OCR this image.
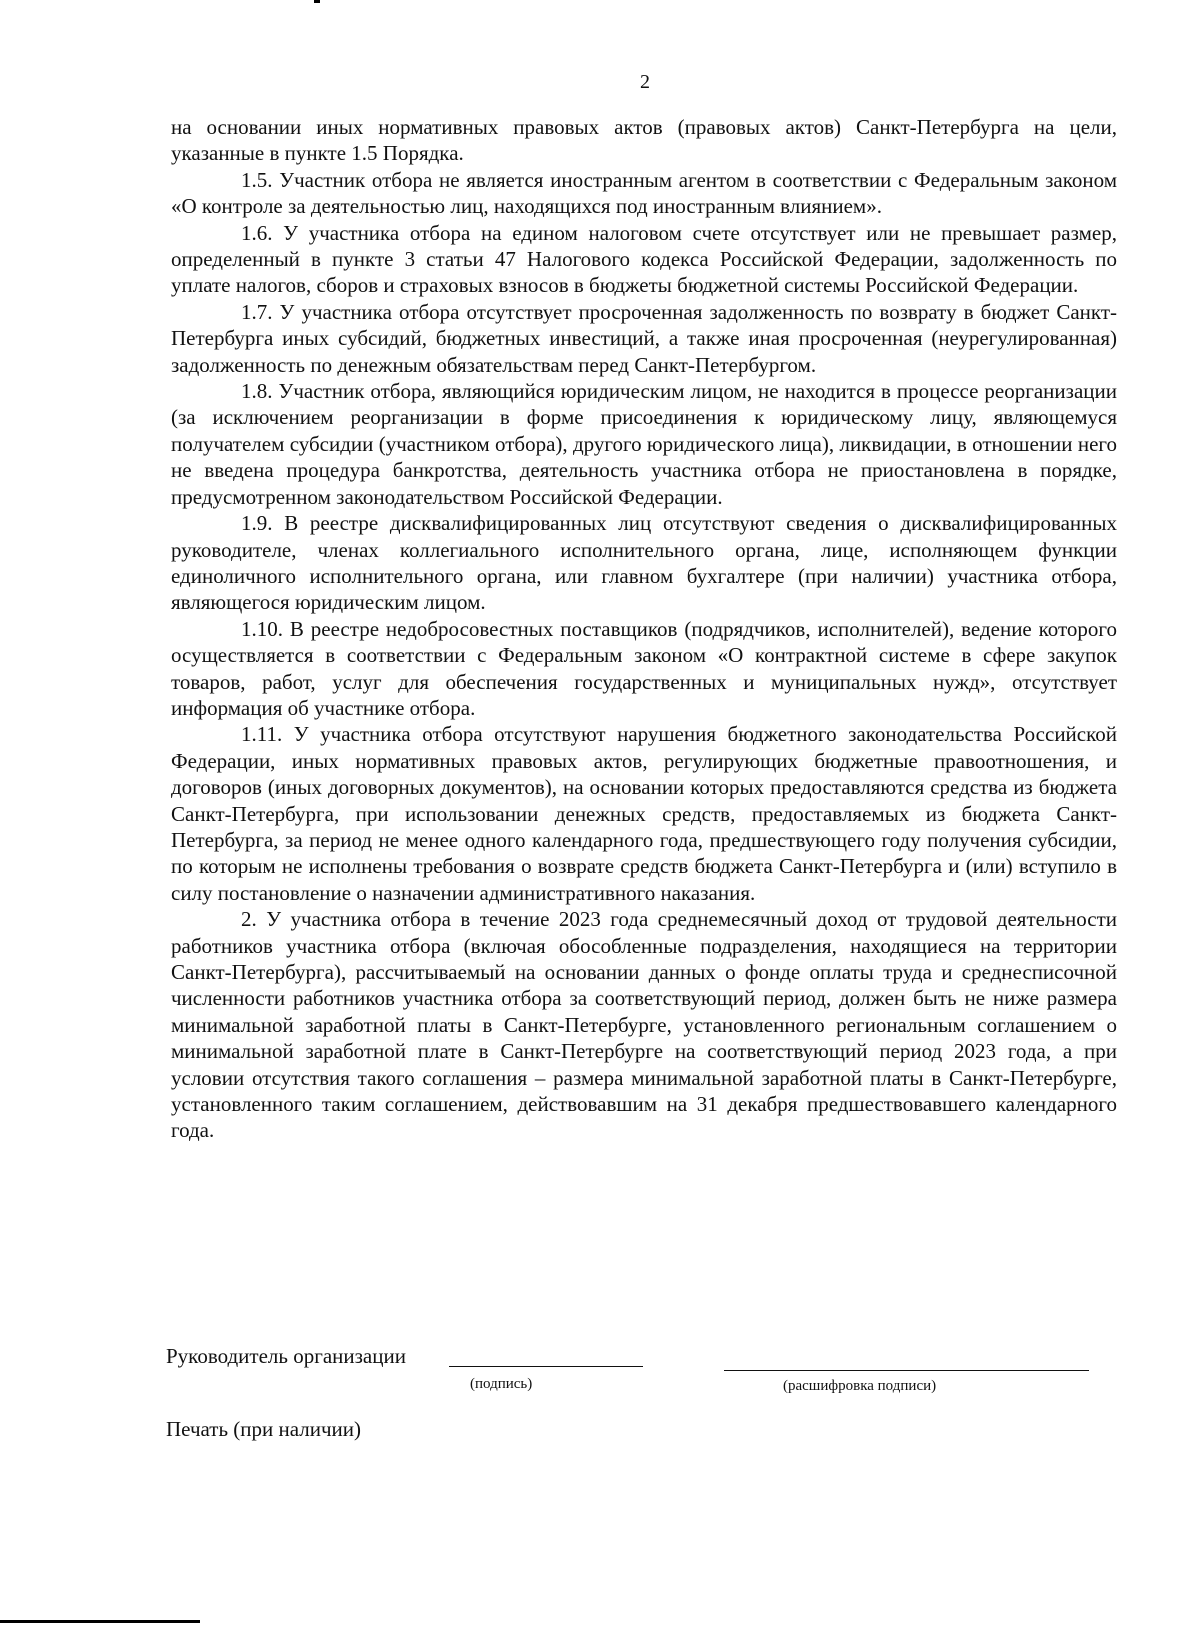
2

на основании иных нормативных правовых актов (правовых актов) Санкт-Петербурга на цели, указанные в пункте 1.5 Порядка.

1.5. Участник отбора не является иностранным агентом в соответствии с Федеральным законом «О контроле за деятельностью лиц, находящихся под иностранным влиянием».

1.6. У участника отбора на едином налоговом счете отсутствует или не превышает размер, определенный в пункте 3 статьи 47 Налогового кодекса Российской Федерации, задолженность по уплате налогов, сборов и страховых взносов в бюджеты бюджетной системы Российской Федерации.

1.7. У участника отбора отсутствует просроченная задолженность по возврату в бюджет Санкт-Петербурга иных субсидий, бюджетных инвестиций, а также иная просроченная (неурегулированная) задолженность по денежным обязательствам перед Санкт-Петербургом.

1.8. Участник отбора, являющийся юридическим лицом, не находится в процессе реорганизации (за исключением реорганизации в форме присоединения к юридическому лицу, являющемуся получателем субсидии (участником отбора), другого юридического лица), ликвидации, в отношении него не введена процедура банкротства, деятельность участника отбора не приостановлена в порядке, предусмотренном законодательством Российской Федерации.

1.9. В реестре дисквалифицированных лиц отсутствуют сведения о дисквалифицированных руководителе, членах коллегиального исполнительного органа, лице, исполняющем функции единоличного исполнительного органа, или главном бухгалтере (при наличии) участника отбора, являющегося юридическим лицом.

1.10. В реестре недобросовестных поставщиков (подрядчиков, исполнителей), ведение которого осуществляется в соответствии с Федеральным законом «О контрактной системе в сфере закупок товаров, работ, услуг для обеспечения государственных и муниципальных нужд», отсутствует информация об участнике отбора.

1.11. У участника отбора отсутствуют нарушения бюджетного законодательства Российской Федерации, иных нормативных правовых актов, регулирующих бюджетные правоотношения, и договоров (иных договорных документов), на основании которых предоставляются средства из бюджета Санкт-Петербурга, при использовании денежных средств, предоставляемых из бюджета Санкт-Петербурга, за период не менее одного календарного года, предшествующего году получения субсидии, по которым не исполнены требования о возврате средств бюджета Санкт-Петербурга и (или) вступило в силу постановление о назначении административного наказания.

2. У участника отбора в течение 2023 года среднемесячный доход от трудовой деятельности работников участника отбора (включая обособленные подразделения, находящиеся на территории Санкт-Петербурга), рассчитываемый на основании данных о фонде оплаты труда и среднесписочной численности работников участника отбора за соответствующий период, должен быть не ниже размера минимальной заработной платы в Санкт-Петербурге, установленного региональным соглашением о минимальной заработной плате в Санкт-Петербурге на соответствующий период 2023 года, а при условии отсутствия такого соглашения – размера минимальной заработной платы в Санкт-Петербурге, установленного таким соглашением, действовавшим на 31 декабря предшествовавшего календарного года.

Руководитель организации
(подпись)	(расшифровка подписи)
Печать (при наличии)
